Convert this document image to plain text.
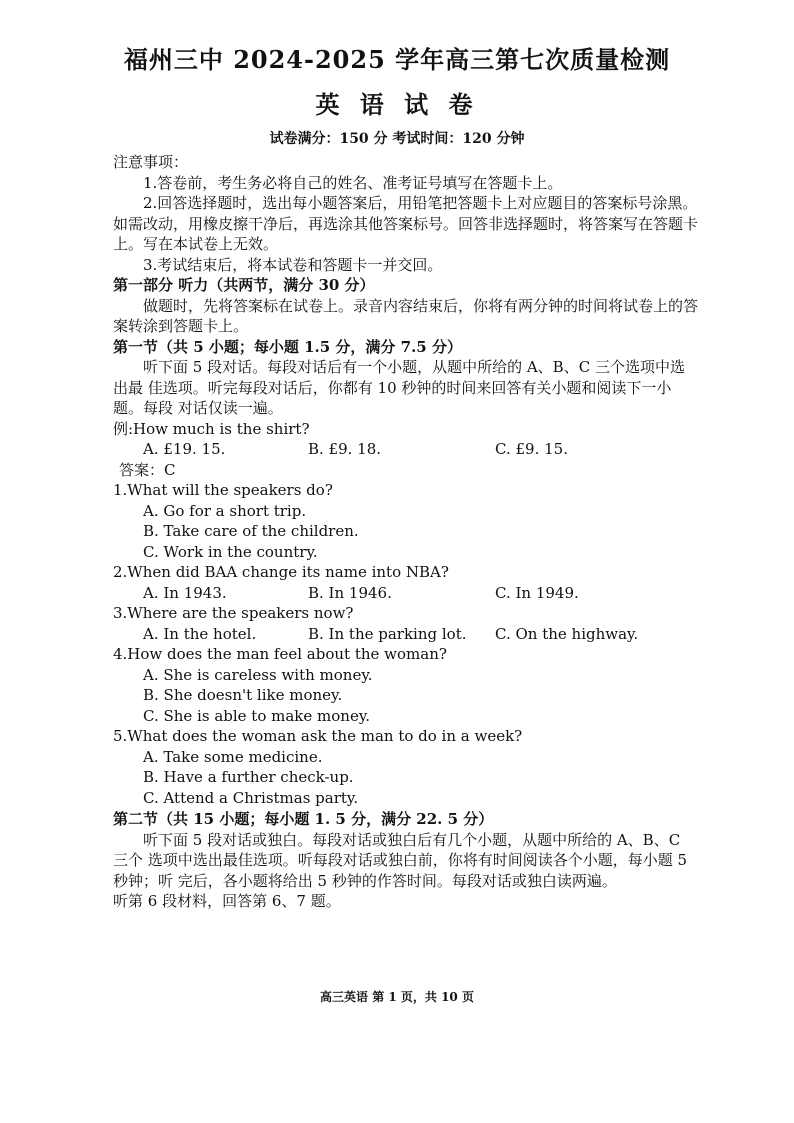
福州三中 2024-2025 学年高三第七次质量检测
英 语 试 卷
试卷满分：150 分 考试时间：120 分钟
注意事项：
1.答卷前，考生务必将自己的姓名、准考证号填写在答题卡上。
2.回答选择题时，选出每小题答案后，用铅笔把答题卡上对应题目的答案标号涂黑。 如需改动，用橡皮擦干净后，再选涂其他答案标号。回答非选择题时，将答案写在答题卡 上。写在本试卷上无效。
3.考试结束后，将本试卷和答题卡一并交回。
第一部分 听力（共两节，满分 30 分）
做题时，先将答案标在试卷上。录音内容结束后，你将有两分钟的时间将试卷上的答 案转涂到答题卡上。
第一节（共 5 小题；每小题 1.5 分，满分 7.5 分）
听下面 5 段对话。每段对话后有一个小题，从题中所给的 A、B、C 三个选项中选出最 佳选项。听完每段对话后，你都有 10 秒钟的时间来回答有关小题和阅读下一小题。每段 对话仅读一遍。
例:How much is the shirt?
A. £19. 15.	B. £9. 18.	C. £9. 15.
答案：C
1.What will the speakers do?
A. Go for a short trip.
B. Take care of the children.
C. Work in the country.
2.When did BAA change its name into NBA?
A. In 1943.	B. In 1946.	C. In 1949.
3.Where are the speakers now?
A. In the hotel.	B. In the parking lot.	C. On the highway.
4.How does the man feel about the woman?
A. She is careless with money.
B. She doesn't like money.
C. She is able to make money.
5.What does the woman ask the man to do in a week?
A. Take some medicine.
B. Have a further check-up.
C. Attend a Christmas party.
第二节（共 15 小题；每小题 1. 5 分，满分 22. 5 分）
听下面 5 段对话或独白。每段对话或独白后有几个小题，从题中所给的 A、B、C 三个 选项中选出最佳选项。听每段对话或独白前，你将有时间阅读各个小题，每小题 5 秒钟；听 完后，各小题将给出 5 秒钟的作答时间。每段对话或独白读两遍。
听第 6 段材料，回答第 6、7 题。
高三英语 第 1 页，共 10 页
